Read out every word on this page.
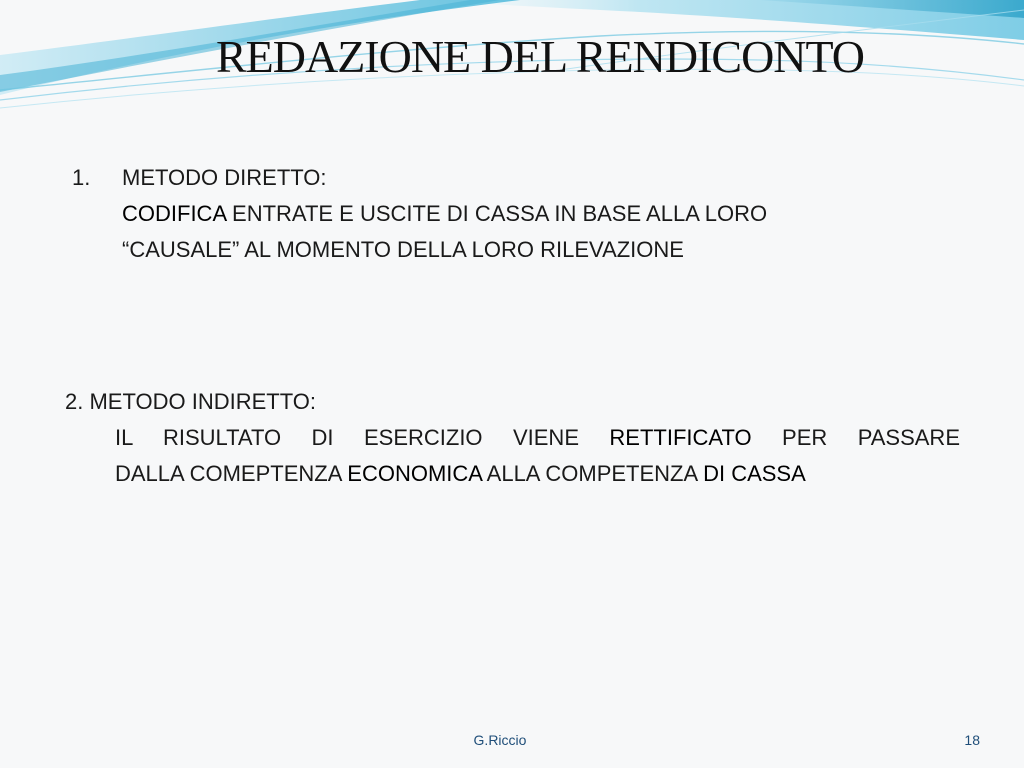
REDAZIONE DEL RENDICONTO
1. METODO DIRETTO:
CODIFICA ENTRATE E USCITE DI CASSA IN BASE ALLA LORO
“CAUSALE” AL MOMENTO DELLA LORO RILEVAZIONE
2. METODO INDIRETTO:
IL RISULTATO DI ESERCIZIO VIENE RETTIFICATO PER PASSARE
DALLA COMEPTENZA ECONOMICA ALLA COMPETENZA DI CASSA
G.Riccio	18
